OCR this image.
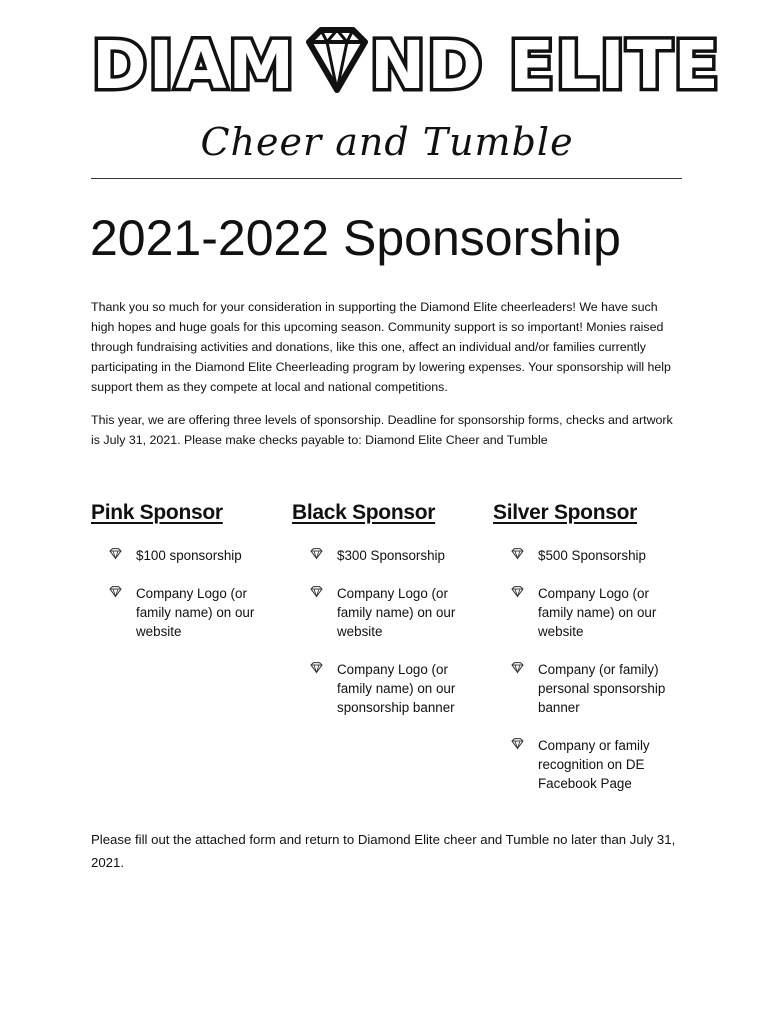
DIAM ND ELITE
Cheer and Tumble
2021-2022 Sponsorship

Thank you so much for your consideration in supporting the Diamond Elite cheerleaders! We have such high hopes and huge goals for this upcoming season. Community support is so important! Monies raised through fundraising activities and donations, like this one, affect an individual and/or families currently participating in the Diamond Elite Cheerleading program by lowering expenses. Your sponsorship will help support them as they compete at local and national competitions.

This year, we are offering three levels of sponsorship. Deadline for sponsorship forms, checks and artwork is July 31, 2021. Please make checks payable to: Diamond Elite Cheer and Tumble

Pink Sponsor
$100 sponsorship
Company Logo (or family name) on our website
Black Sponsor
$300 Sponsorship
Company Logo (or family name) on our website
Company Logo (or family name) on our sponsorship banner
Silver Sponsor
$500 Sponsorship
Company Logo (or family name) on our website
Company (or family) personal sponsorship banner
Company or family recognition on DE Facebook Page

Please fill out the attached form and return to Diamond Elite cheer and Tumble no later than July 31, 2021.
